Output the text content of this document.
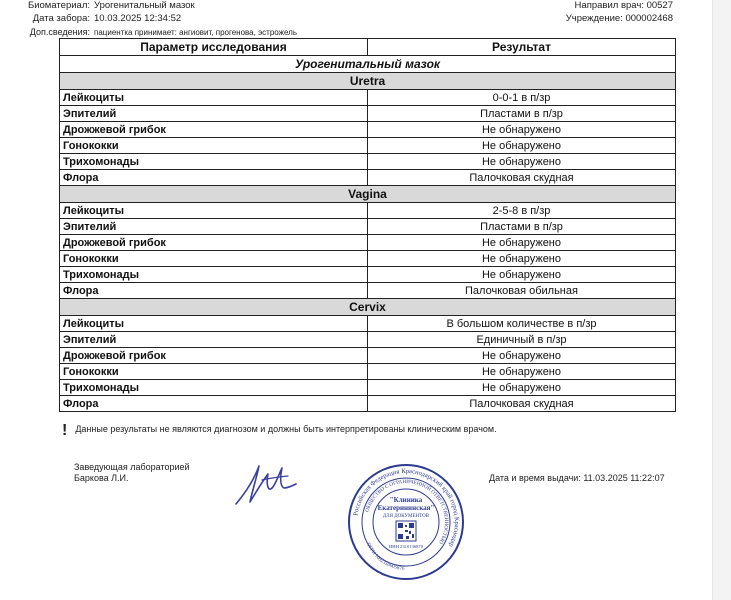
Биоматериал: Урогенитальный мазок
Дата забора: 10.03.2025 12:34:52
Доп.сведения: пациентка принимает: ангиовит, прогенова, эстрожель
Направил врач: 00527
Учреждение: 000002468
Параметр исследования	Результат
Урогенитальный мазок	
Uretra	
Лейкоциты	0-0-1 в п/зр
Эпителий	Пластами в п/зр
Дрожжевой грибок	Не обнаружено
Гонококки	Не обнаружено
Трихомонады	Не обнаружено
Флора	Палочковая скудная
Vagina	
Лейкоциты	2-5-8 в п/зр
Эпителий	Пластами в п/зр
Дрожжевой грибок	Не обнаружено
Гонококки	Не обнаружено
Трихомонады	Не обнаружено
Флора	Палочковая обильная
Cervix	
Лейкоциты	В большом количестве в п/зр
Эпителий	Единичный в п/зр
Дрожжевой грибок	Не обнаружено
Гонококки	Не обнаружено
Трихомонады	Не обнаружено
Флора	Палочковая скудная
! Данные результаты не являются диагнозом и должны быть интерпретированы клиническим врачом.
Заведующая лабораторией
Баркова Л.И.
Российская Федерация Краснодарский край город Краснодар
ОБЩЕСТВО С ОГРАНИЧЕННОЙ ОТВЕТСТВЕННОСТЬЮ
"Клиника
Екатерининская"
ДЛЯ ДОКУМЕНТОВ
ИНН 2310136870
ОГРН 1092310005876
Дата и время выдачи: 11.03.2025 11:22:07
